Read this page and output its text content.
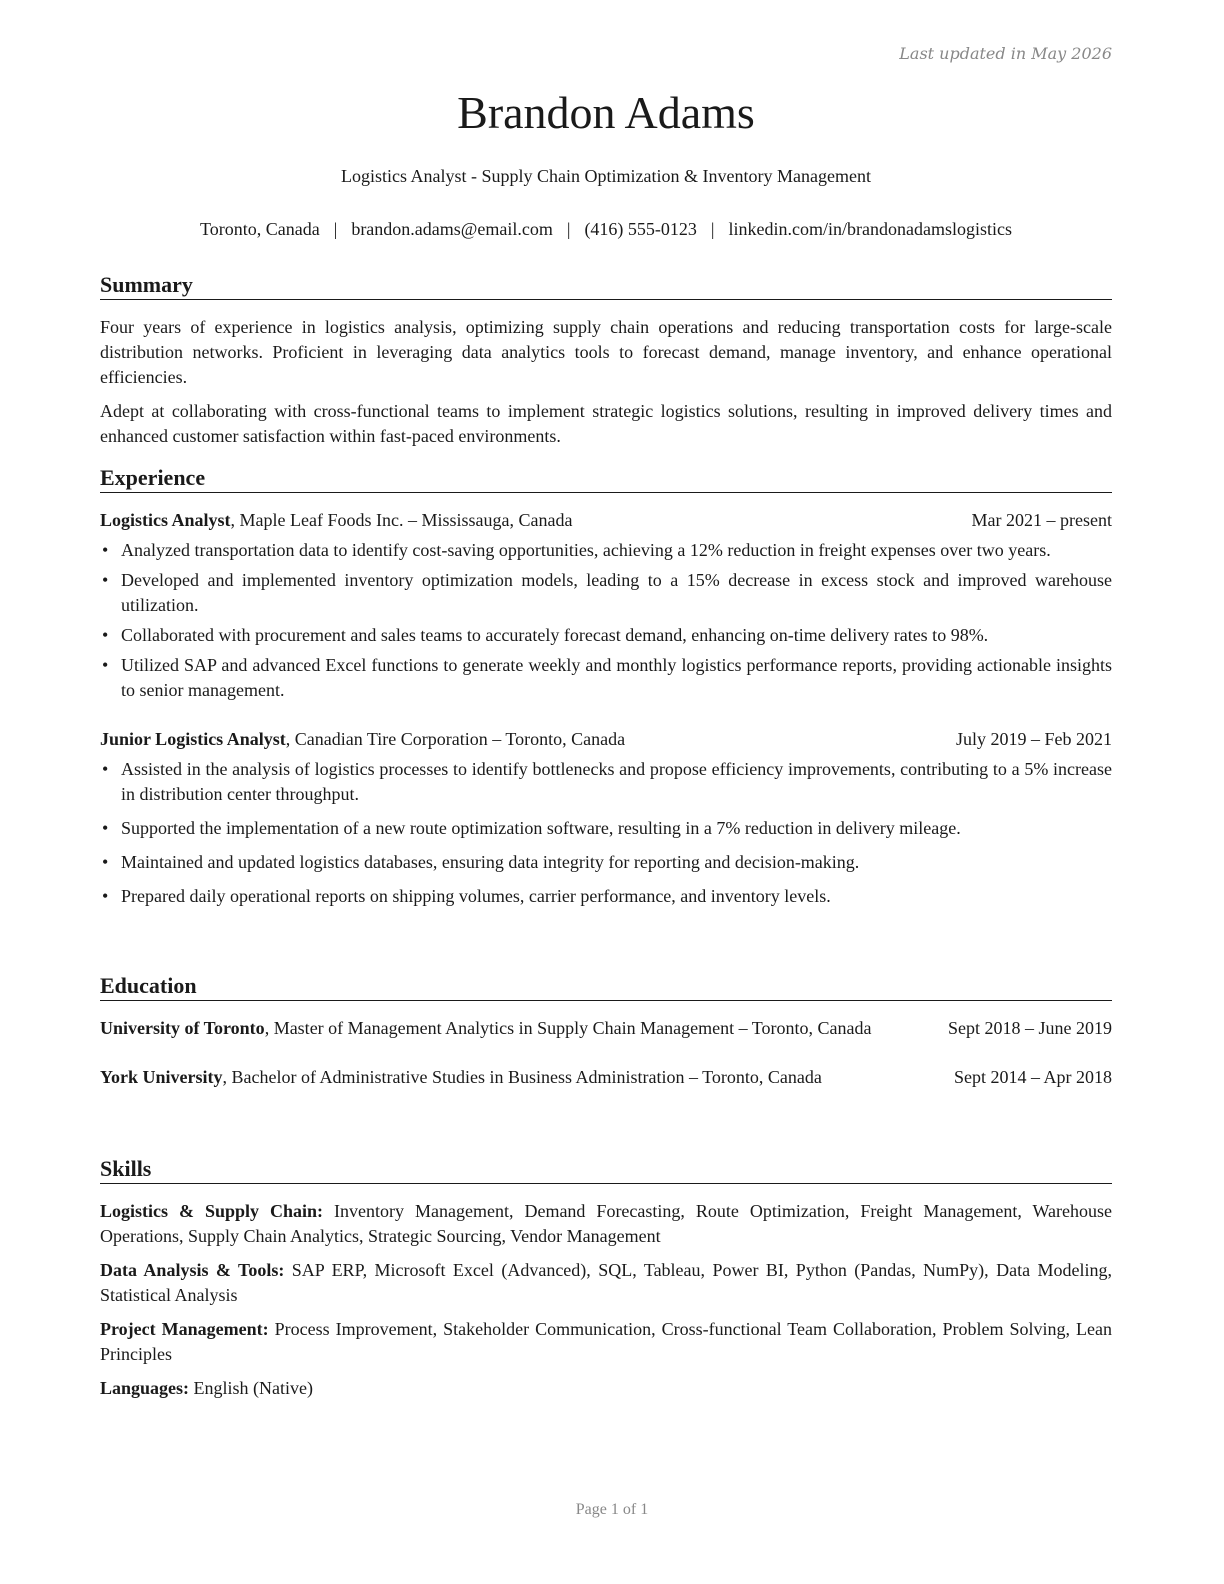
Last updated in May 2026
Brandon Adams
Logistics Analyst - Supply Chain Optimization & Inventory Management
Toronto, Canada | brandon.adams@email.com | (416) 555-0123 | linkedin.com/in/brandonadamslogistics
Summary

Four years of experience in logistics analysis, optimizing supply chain operations and reducing transportation costs for large-scale distribution networks. Proficient in leveraging data analytics tools to forecast demand, manage inventory, and enhance operational efficiencies.

Adept at collaborating with cross-functional teams to implement strategic logistics solutions, resulting in improved delivery times and enhanced customer satisfaction within fast-paced environments.

Experience
Logistics Analyst, Maple Leaf Foods Inc. – Mississauga, Canada	Mar 2021 – present
• Analyzed transportation data to identify cost-saving opportunities, achieving a 12% reduction in freight expenses over two years.
• Developed and implemented inventory optimization models, leading to a 15% decrease in excess stock and improved warehouse utilization.
• Collaborated with procurement and sales teams to accurately forecast demand, enhancing on-time delivery rates to 98%.
• Utilized SAP and advanced Excel functions to generate weekly and monthly logistics performance reports, providing actionable insights to senior management.
Junior Logistics Analyst, Canadian Tire Corporation – Toronto, Canada	July 2019 – Feb 2021
• Assisted in the analysis of logistics processes to identify bottlenecks and propose efficiency improvements, contributing to a 5% increase in distribution center throughput.
• Supported the implementation of a new route optimization software, resulting in a 7% reduction in delivery mileage.
• Maintained and updated logistics databases, ensuring data integrity for reporting and decision-making.
• Prepared daily operational reports on shipping volumes, carrier performance, and inventory levels.
Education
University of Toronto, Master of Management Analytics in Supply Chain Management – Toronto, Canada	Sept 2018 – June 2019
York University, Bachelor of Administrative Studies in Business Administration – Toronto, Canada	Sept 2014 – Apr 2018
Skills
Logistics & Supply Chain: Inventory Management, Demand Forecasting, Route Optimization, Freight Management, Warehouse Operations, Supply Chain Analytics, Strategic Sourcing, Vendor Management
Data Analysis & Tools: SAP ERP, Microsoft Excel (Advanced), SQL, Tableau, Power BI, Python (Pandas, NumPy), Data Modeling, Statistical Analysis
Project Management: Process Improvement, Stakeholder Communication, Cross-functional Team Collaboration, Problem Solving, Lean Principles
Languages: English (Native)
Page 1 of 1
